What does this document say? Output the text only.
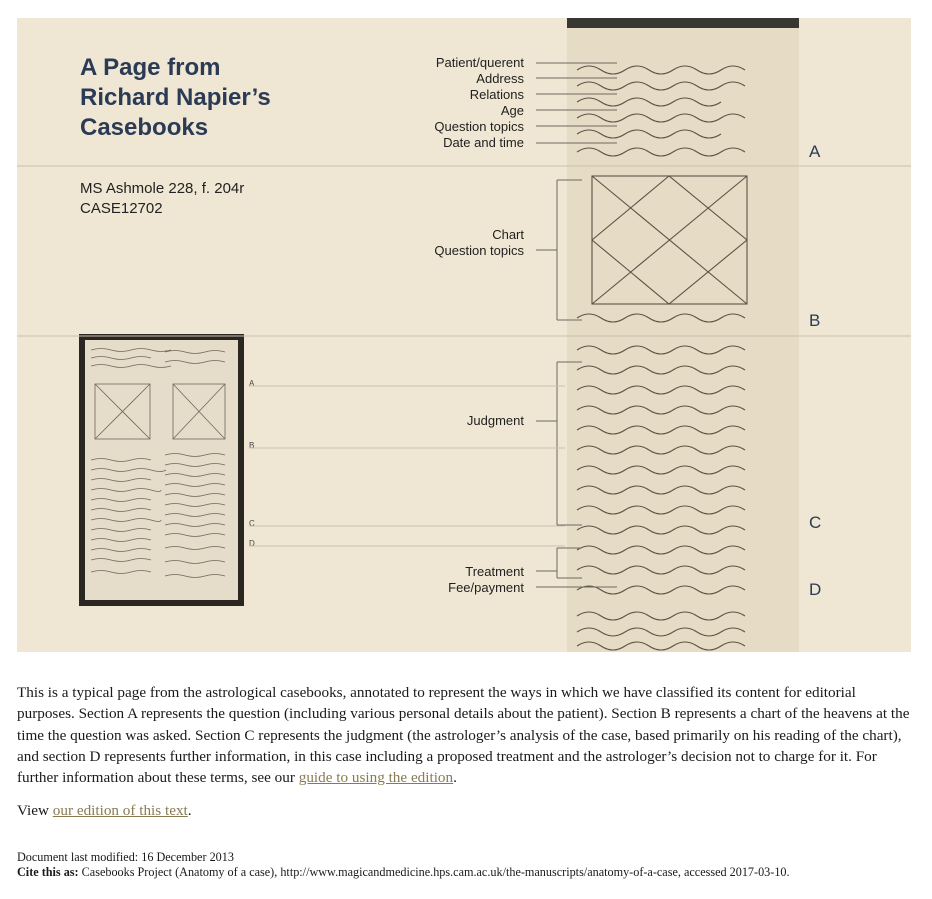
A Page from
Richard Napier’s
Casebooks
MS Ashmole 228, f. 204r
CASE12702
A
B
C
D
Patient/querent
Address
Relations
Age
Question topics
Date and time
Chart
Question topics
Judgment
Treatment
Fee/payment
A
B
C
D

This is a typical page from the astrological casebooks, annotated to represent the ways in which we have classified its content for editorial purposes. Section A represents the question (including various personal details about the patient). Section B represents a chart of the heavens at the time the question was asked. Section C represents the judgment (the astrologer’s analysis of the case, based primarily on his reading of the chart), and section D represents further information, in this case including a proposed treatment and the astrologer’s decision not to charge for it. For further information about these terms, see our guide to using the edition.

View our edition of this text.

Document last modified: 16 December 2013

Cite this as: Casebooks Project (Anatomy of a case), http://www.magicandmedicine.hps.cam.ac.uk/the-manuscripts/anatomy-of-a-case, accessed 2017-03-10.
